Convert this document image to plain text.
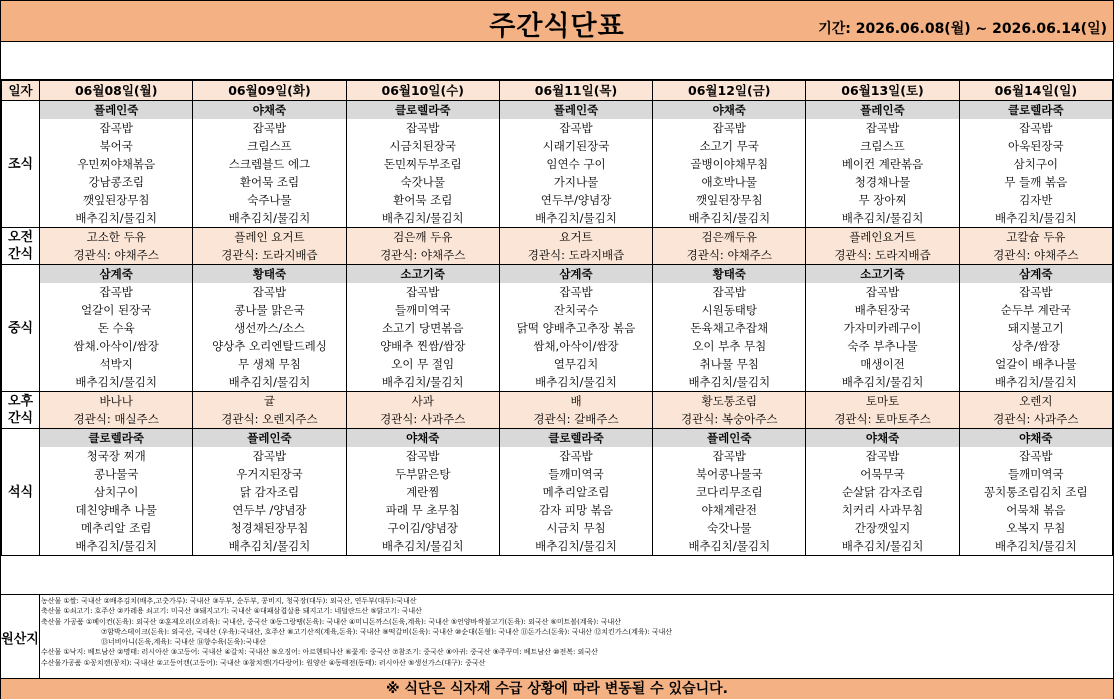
주간식단표	기간: 2026.06.08(월) ~ 2026.06.14(일)
일자	06월08일(월)	06월09일(화)	06월10일(수)	06월11일(목)	06월12일(금)	06월13일(토)	06월14일(일)
조식	플레인죽	야채죽	클로렐라죽	플레인죽	야채죽	플레인죽	클로렐라죽
	잡곡밥	잡곡밥	잡곡밥	잡곡밥	잡곡밥	잡곡밥	잡곡밥
	북어국	크림스프	시금치된장국	시래기된장국	소고기 무국	크림스프	아욱된장국
	우민찌야채볶음	스크렘블드 에그	돈민찌두부조림	임연수 구이	골뱅이야채무침	베이컨 계란볶음	삼치구이
	강남콩조림	환어묵 조림	숙갓나물	가지나물	애호박나물	청경채나물	무 들깨 볶음
	깻잎된장무침	숙주나물	환어묵 조림	연두부/양념장	깻잎된장무침	무 장아찌	김자반
	배추김치/물김치	배추김치/물김치	배추김치/물김치	배추김치/물김치	배추김치/물김치	배추김치/물김치	배추김치/물김치
오전 간식	고소한 두유	플레인 요거트	검은깨 두유	요거트	검은깨두유	플레인요거트	고칼슘 두유
	경관식: 야채주스	경관식: 도라지배즙	경관식: 야채주스	경관식: 도라지배즙	경관식: 야채주스	경관식: 도라지배즙	경관식: 야채주스
중식	삼계죽	황태죽	소고기죽	삼계죽	황태죽	소고기죽	삼계죽
	잡곡밥	잡곡밥	잡곡밥	잡곡밥	잡곡밥	잡곡밥	잡곡밥
	얼갈이 된장국	콩나물 맑은국	들깨미역국	잔치국수	시원동태탕	배추된장국	순두부 계란국
	돈 수육	생선까스/소스	소고기 당면볶음	닭떡 양배추고추장 볶음	돈육채고추잡채	가자미카레구이	돼지불고기
	쌈채.아삭이/쌈장	양상추 오리엔탈드레싱	양배추 찐쌈/쌈장	쌈채,아삭이/쌈장	오이 부추 무침	숙주 부추나물	상추/쌈장
	석박지	무 생채 무침	오이 무 절임	열무김치	취나물 무침	매생이전	얼갈이 배추나물
	배추김치/물김치	배추김치/물김치	배추김치/물김치	배추김치/물김치	배추김치/물김치	배추김치/물김치	배추김치/물김치
오후 간식	바나나	귤	사과	배	황도통조림	토마토	오렌지
	경관식: 매실주스	경관식: 오렌지주스	경관식: 사과주스	경관식: 갈배주스	경관식: 복숭아주스	경관식: 토마토주스	경관식: 사과주스
석식	클로렐라죽	플레인죽	야채죽	클로렐라죽	플레인죽	야채죽	야채죽
	청국장 찌개	잡곡밥	잡곡밥	잡곡밥	잡곡밥	잡곡밥	잡곡밥
	콩나물국	우거지된장국	두부맑은탕	들깨미역국	북어콩나물국	어묵무국	들깨미역국
	삼치구이	닭 감자조림	계란찜	메추리알조림	코다리무조림	순살닭 감자조림	꽁치통조림김치 조림
	데친양배추 나물	연두부 /양념장	파래 무 초무침	감자 피망 볶음	야채계란전	치커리 사과무침	어묵채 볶음
	메추리알 조림	청경채된장무침	구이김/양념장	시금치 무침	숙갓나물	간장깻잎지	오복지 무침
	배추김치/물김치	배추김치/물김치	배추김치/물김치	배추김치/물김치	배추김치/물김치	배추김치/물김치	배추김치/물김치
원산지
농산물 ①쌀: 국내산 ②배추김치(배추,고춧가루): 국내산 ③두부, 순두부, 콩비지, 청국장(대두): 외국산, 연두부(대두):국내산
축산물 ①쇠고기: 호주산 ②카레용 쇠고기: 미국산 ③돼지고기: 국내산 ④대패삼겹살용 돼지고기: 네덜란드산 ⑤닭고기: 국내산
축산물 가공품 ①베이컨(돈육): 외국산 ②훈제오리(오리육): 국내산, 중국산 ③동그랑땡(돈육): 국내산 ④미니돈까스(돈육,계육): 국내산 ⑤언양바싹불고기(돈육): 외국산 ⑥미트볼(계육): 국내산
⑦함박스테이크(돈육): 외국산, 국내산 (우육):국내산, 호주산 ⑧고기산적(계육,돈육): 국내산 ⑨떡갈비(돈육): 국내산 ⑩순대(돈혈): 국내산 ⑪돈가스(돈육): 국내산 ⑫치킨가스(계육): 국내산
⑬너비아니(돈육,계육): 국내산 ⑭향수육(돈육):국내산
수산물 ①낙지: 베트남산 ②명태: 러시아산 ③고등어: 국내산 ④갈치: 국내산 ⑤오징어: 아르헨티나산 ⑥꽃게: 중국산 ⑦참조기: 중국산 ⑧아귀: 중국산 ⑨주꾸미: 베트남산 ⑩전복: 외국산
수산물가공품 ①꽁치캔(꽁치): 국내산 ②고등어캔(고등어): 국내산 ③참치캔(가다랑어): 원양산 ④동태전(동태): 러시아산 ⑤생선가스(대구): 중국산
※ 식단은 식자재 수급 상황에 따라 변동될 수 있습니다.
